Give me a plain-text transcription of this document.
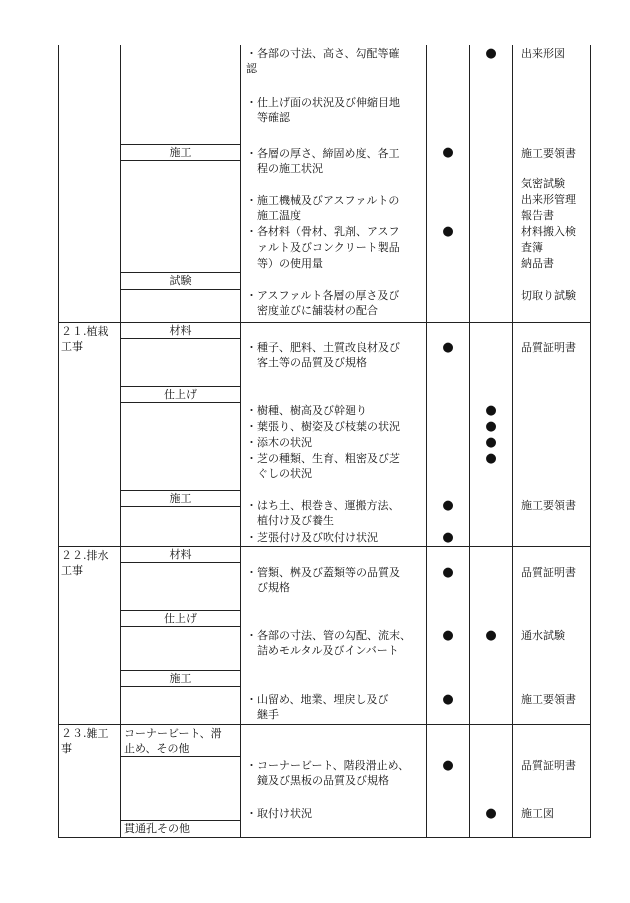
施工
試験
・各部の寸法、高さ、勾配等確
認
・仕上げ面の状況及び伸縮目地
　等確認
・各層の厚さ、締固め度、各工
　程の施工状況
・施工機械及びアスファルトの
　施工温度
・各材料（骨材、乳剤、アスフ
　ァルト及びコンクリート製品
　等）の使用量
・アスファルト各層の厚さ及び
　密度並びに舗装材の配合
●
●
●
出来形図
施工要領書
気密試験
出来形管理
報告書
材料搬入検
査簿
納品書
切取り試験
２１.植栽
工事
材料
仕上げ
施工
・種子、肥料、土質改良材及び
　客土等の品質及び規格
・樹種、樹高及び幹廻り
・葉張り、樹姿及び枝葉の状況
・添木の状況
・芝の種類、生育、粗密及び芝
　ぐしの状況
・はち土、根巻き、運搬方法、
　植付け及び養生
・芝張付け及び吹付け状況
●
●
●
●
●
●
●
品質証明書
施工要領書
２２.排水
工事
材料
仕上げ
施工
・管類、桝及び蓋類等の品質及
　び規格
・各部の寸法、管の勾配、流末、
　詰めモルタル及びインバート
・山留め、地業、埋戻し及び
　継手
●
● ●
●
品質証明書
通水試験
施工要領書
２３.雑工
事
コーナービート、滑
止め、その他
貫通孔その他
・コーナービート、階段滑止め、
　鏡及び黒板の品質及び規格
・取付け状況
●
●
品質証明書
施工図
